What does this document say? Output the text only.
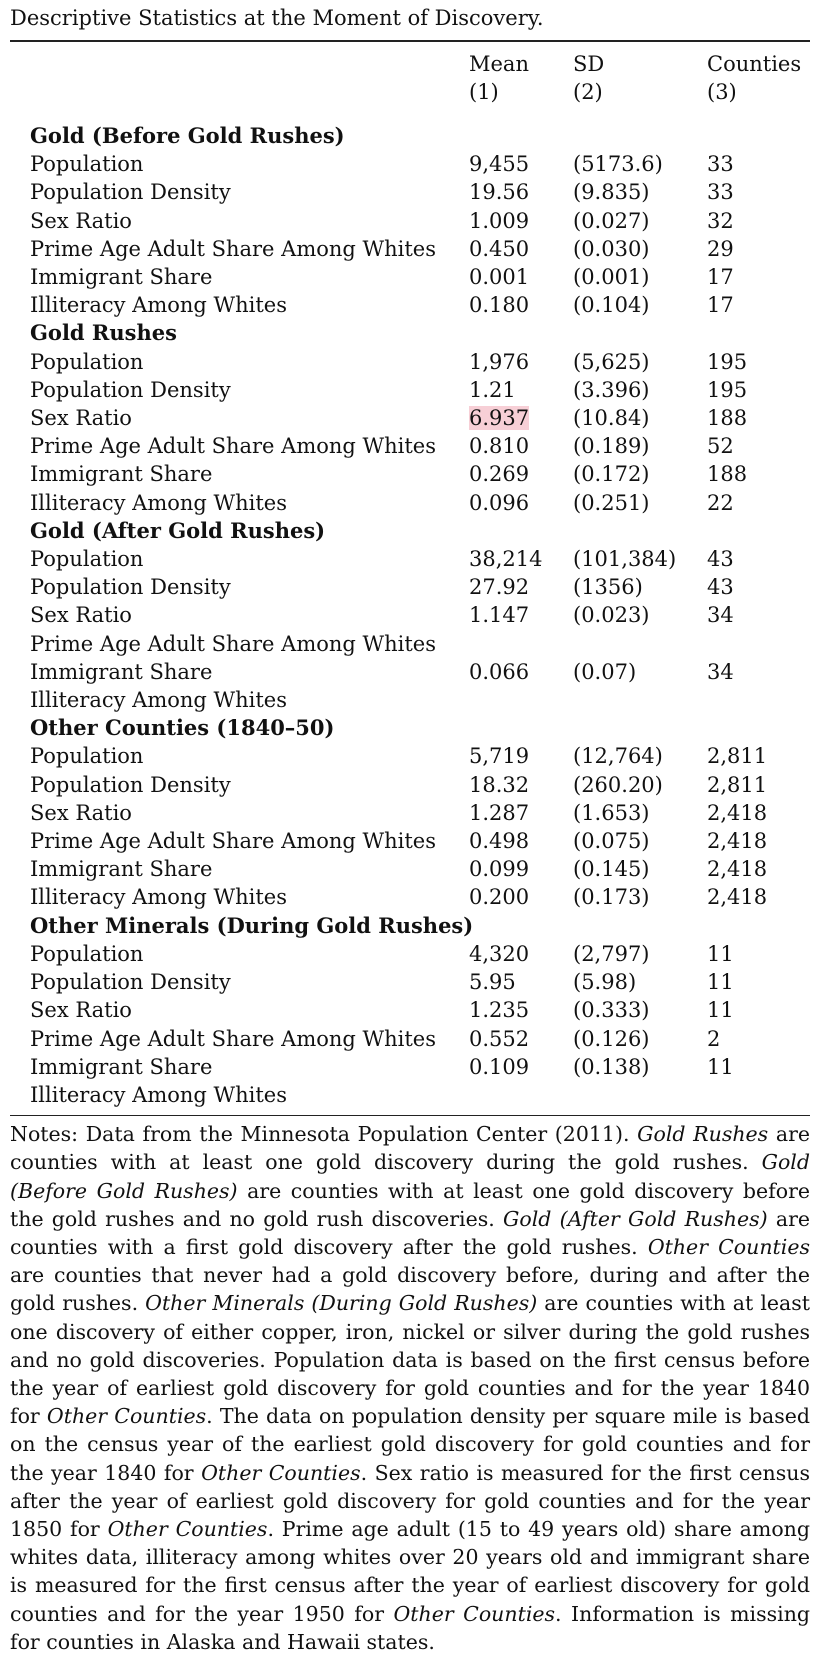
Descriptive Statistics at the Moment of Discovery.
	Mean	SD	Counties
	(1)	(2)	(3)
Gold (Before Gold Rushes)			
Population	9,455	(5173.6)	33
Population Density	19.56	(9.835)	33
Sex Ratio	1.009	(0.027)	32
Prime Age Adult Share Among Whites	0.450	(0.030)	29
Immigrant Share	0.001	(0.001)	17
Illiteracy Among Whites	0.180	(0.104)	17
Gold Rushes			
Population	1,976	(5,625)	195
Population Density	1.21	(3.396)	195
Sex Ratio	6.937	(10.84)	188
Prime Age Adult Share Among Whites	0.810	(0.189)	52
Immigrant Share	0.269	(0.172)	188
Illiteracy Among Whites	0.096	(0.251)	22
Gold (After Gold Rushes)			
Population	38,214	(101,384)	43
Population Density	27.92	(1356)	43
Sex Ratio	1.147	(0.023)	34
Prime Age Adult Share Among Whites			
Immigrant Share	0.066	(0.07)	34
Illiteracy Among Whites			
Other Counties (1840–50)			
Population	5,719	(12,764)	2,811
Population Density	18.32	(260.20)	2,811
Sex Ratio	1.287	(1.653)	2,418
Prime Age Adult Share Among Whites	0.498	(0.075)	2,418
Immigrant Share	0.099	(0.145)	2,418
Illiteracy Among Whites	0.200	(0.173)	2,418
Other Minerals (During Gold Rushes)			
Population	4,320	(2,797)	11
Population Density	5.95	(5.98)	11
Sex Ratio	1.235	(0.333)	11
Prime Age Adult Share Among Whites	0.552	(0.126)	2
Immigrant Share	0.109	(0.138)	11
Illiteracy Among Whites			
Notes: Data from the Minnesota Population Center (2011). Gold Rushes are counties with at least one gold discovery during the gold rushes. Gold (Before Gold Rushes) are counties with at least one gold discovery before the gold rushes and no gold rush discoveries. Gold (After Gold Rushes) are counties with a first gold discovery after the gold rushes. Other Counties are counties that never had a gold discovery before, during and after the gold rushes. Other Minerals (During Gold Rushes) are counties with at least one discovery of either copper, iron, nickel or silver during the gold rushes and no gold discoveries. Population data is based on the first census before the year of earliest gold discovery for gold counties and for the year 1840 for Other Counties. The data on population density per square mile is based on the census year of the earliest gold discovery for gold counties and for the year 1840 for Other Counties. Sex ratio is measured for the first census after the year of earliest gold discovery for gold counties and for the year 1850 for Other Counties. Prime age adult (15 to 49 years old) share among whites data, illiteracy among whites over 20 years old and immigrant share is measured for the first census after the year of earliest discovery for gold counties and for the year 1950 for Other Counties. Information is missing for counties in Alaska and Hawaii states.
